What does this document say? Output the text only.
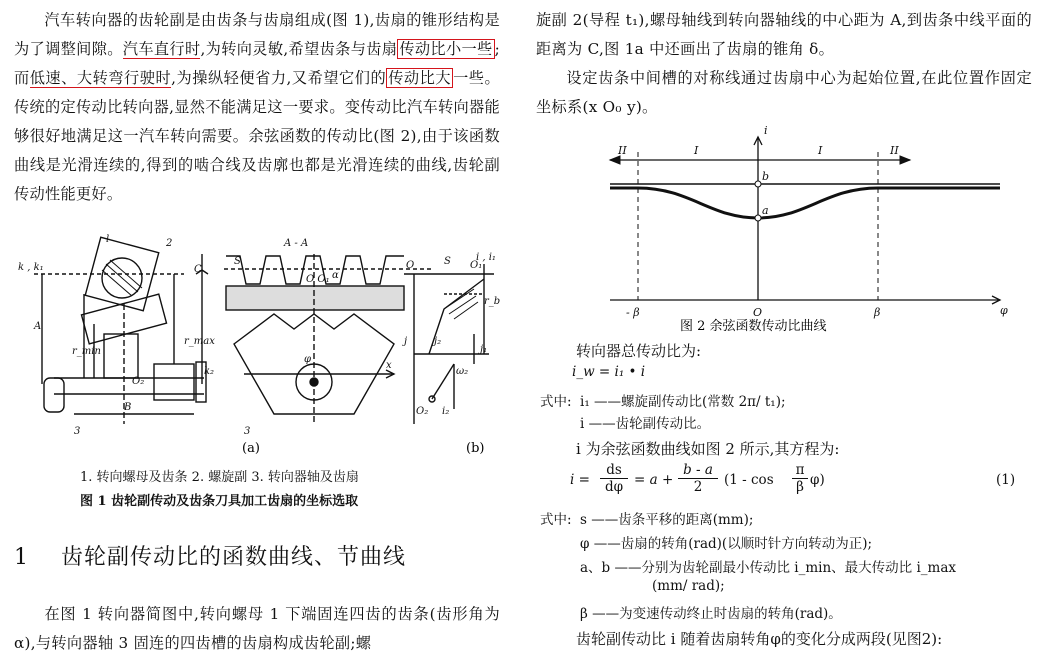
汽车转向器的齿轮副是由齿条与齿扇组成(图 1),齿扇的锥形结构是为了调整间隙。汽车直行时,为转向灵敏,希望齿条与齿扇 传动比小一些 ;而低速、大转弯行驶时,为操纵轻便省力,又希望它们的 传动比大 一些。传统的定传动比转向器,显然不能满足这一要求。变传动比汽车转向器能够很好地满足这一汽车转向需要。余弦函数的传动比(图 2),由于该函数曲线是光滑连续的,得到的啮合线及齿廓也都是光滑连续的曲线,齿轮副传动性能更好。

k , k₁
l	2
C
A
r_min
r_max
O₂
k₂
B
3
A - A
S
O O₁ α
φ
x
3
O	S O₁
i , i₁
r_b
j	j₂
j₁
ω₂
O₂ i₂
(a)	(b)
1. 转向螺母及齿条 2. 螺旋副 3. 转向器轴及齿扇
图 1 齿轮副传动及齿条刀具加工齿扇的坐标选取
1 齿轮副传动比的函数曲线、节曲线

在图 1 转向器简图中,转向螺母 1 下端固连四齿的齿条(齿形角为 α),与转向器轴 3 固连的四齿槽的齿扇构成齿轮副;螺

旋副 2(导程 t₁),螺母轴线到转向器轴线的中心距为 A,到齿条中线平面的距离为 C,图 1a 中还画出了齿扇的锥角 δ。

设定齿条中间槽的对称线通过齿扇中心为起始位置,在此位置作固定坐标系(x O₀ y)。

II	I	I	II
i
b
a
- β	O	β	φ
图 2 余弦函数传动比曲线
转向器总传动比为:
i_w = i₁ • i
式中: i₁ ——螺旋副传动比(常数 2π/ t₁);
i ——齿轮副传动比。
i 为余弦函数曲线如图 2 所示,其方程为:
i =
ds
dφ = a +
b - a
2	(1 - cos
π
β φ)	(1)
式中: s ——齿条平移的距离(mm);
φ ——齿扇的转角(rad)(以顺时针方向转动为正);
a、b ——分别为齿轮副最小传动比 i_min、最大传动比 i_max
(mm/ rad);
β ——为变速传动终止时齿扇的转角(rad)。
齿轮副传动比 i 随着齿扇转角φ的变化分成两段(见图2):
